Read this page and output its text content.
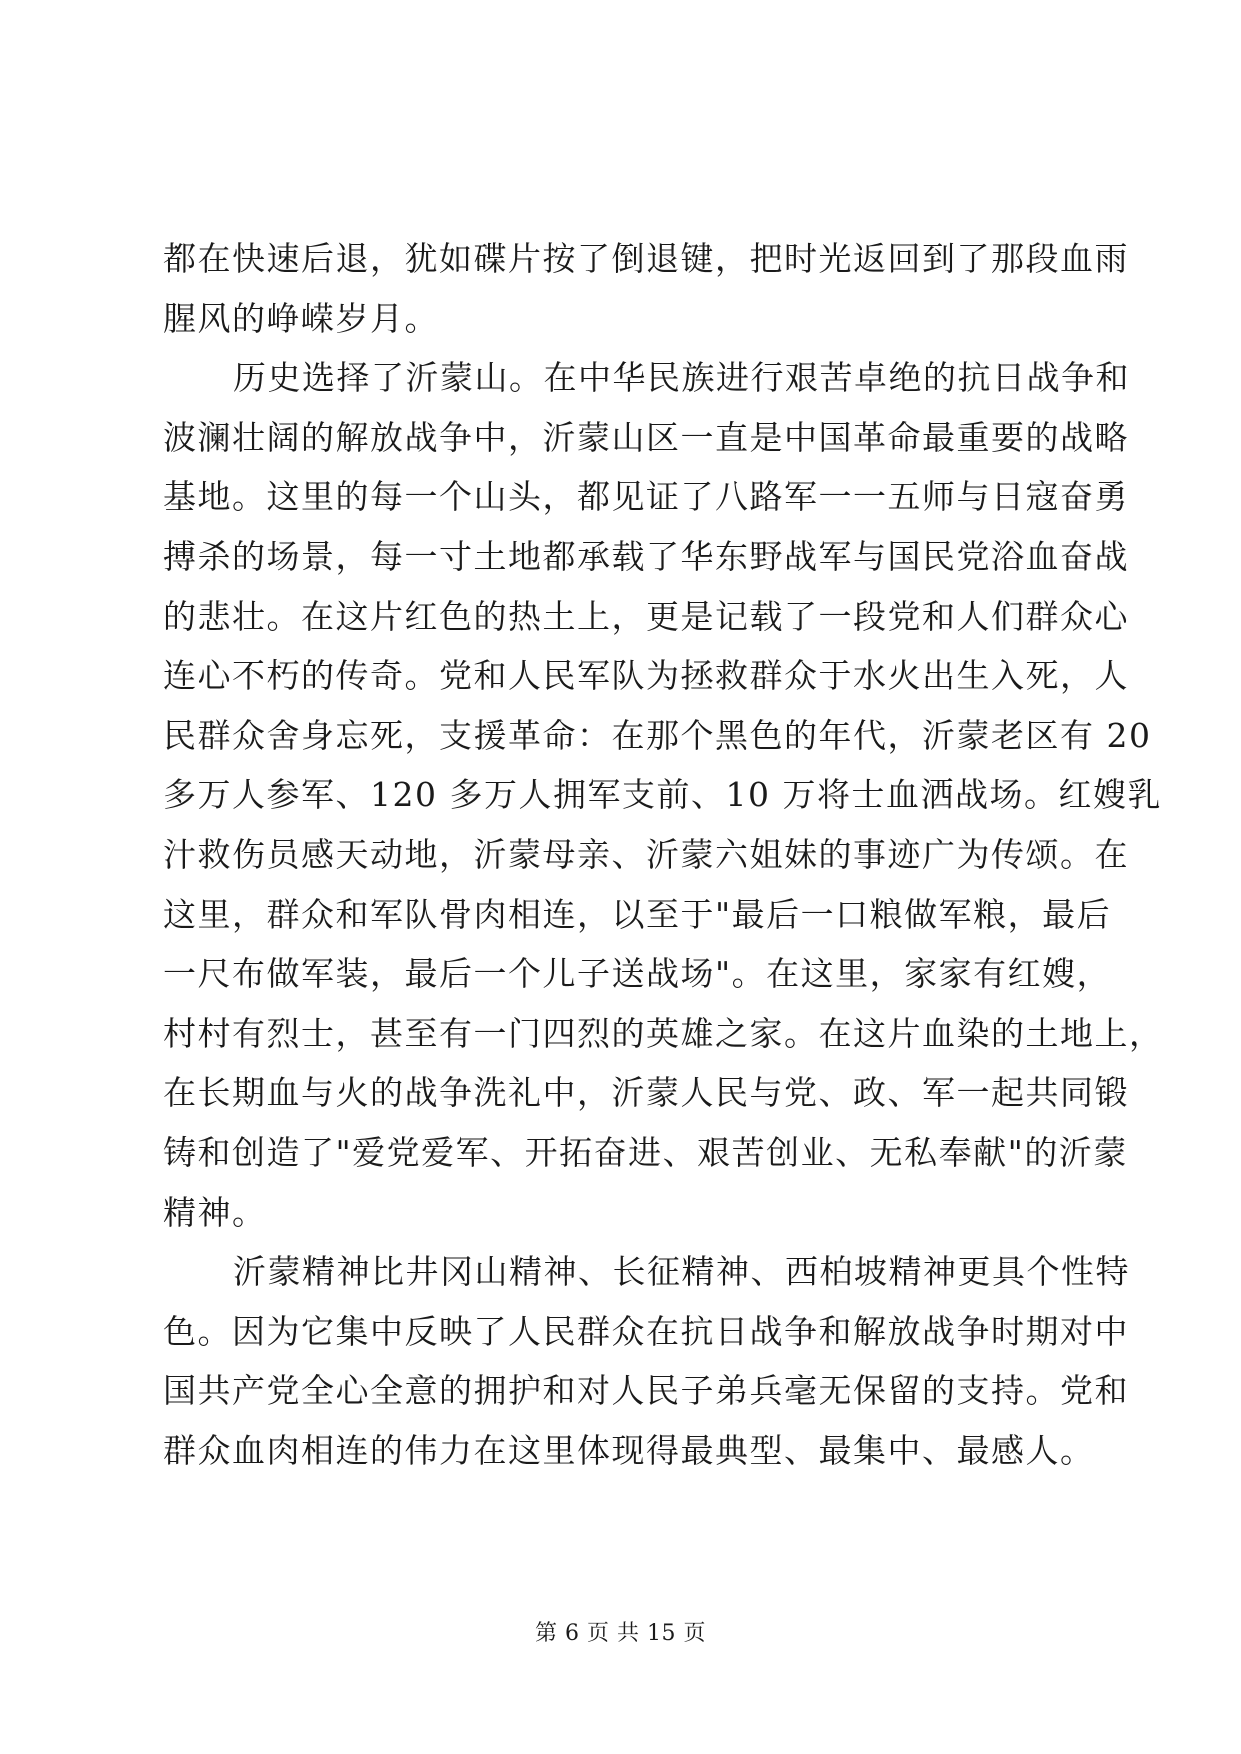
都在快速后退，犹如碟片按了倒退键，把时光返回到了那段血雨
腥风的峥嵘岁月。
历史选择了沂蒙山。在中华民族进行艰苦卓绝的抗日战争和
波澜壮阔的解放战争中，沂蒙山区一直是中国革命最重要的战略
基地。这里的每一个山头，都见证了八路军一一五师与日寇奋勇
搏杀的场景，每一寸土地都承载了华东野战军与国民党浴血奋战
的悲壮。在这片红色的热土上，更是记载了一段党和人们群众心
连心不朽的传奇。党和人民军队为拯救群众于水火出生入死，人
民群众舍身忘死，支援革命：在那个黑色的年代，沂蒙老区有 20
多万人参军、120 多万人拥军支前、10 万将士血洒战场。红嫂乳
汁救伤员感天动地，沂蒙母亲、沂蒙六姐妹的事迹广为传颂。在
这里，群众和军队骨肉相连，以至于"最后一口粮做军粮，最后
一尺布做军装，最后一个儿子送战场"。在这里，家家有红嫂，
村村有烈士，甚至有一门四烈的英雄之家。在这片血染的土地上，
在长期血与火的战争洗礼中，沂蒙人民与党、政、军一起共同锻
铸和创造了"爱党爱军、开拓奋进、艰苦创业、无私奉献"的沂蒙
精神。
沂蒙精神比井冈山精神、长征精神、西柏坡精神更具个性特
色。因为它集中反映了人民群众在抗日战争和解放战争时期对中
国共产党全心全意的拥护和对人民子弟兵毫无保留的支持。党和
群众血肉相连的伟力在这里体现得最典型、最集中、最感人。
第 6 页 共 15 页
